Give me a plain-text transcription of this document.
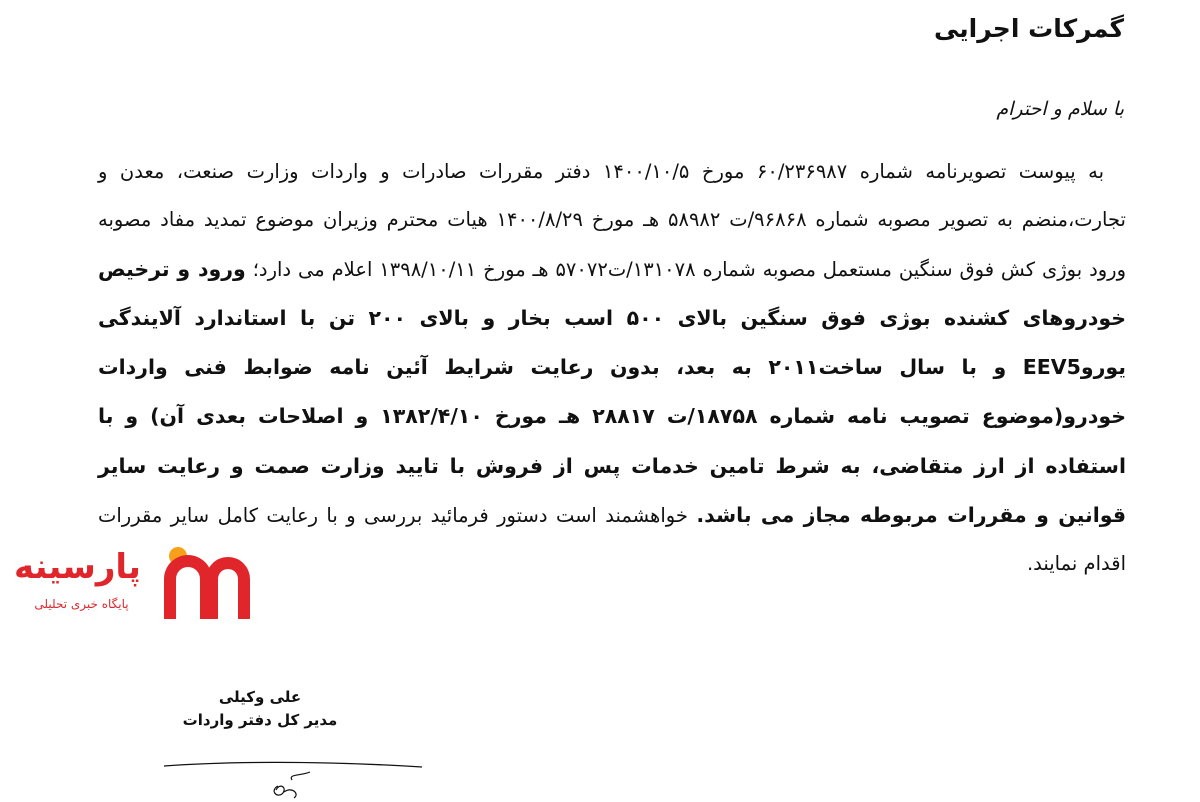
گمرکات اجرایی
با سلام و احترام
به پیوست تصویرنامه شماره ۶۰/۲۳۶۹۸۷ مورخ ۱۴۰۰/۱۰/۵ دفتر مقررات صادرات و واردات وزارت صنعت، معدن و تجارت،منضم به تصویر مصوبه شماره ۹۶۸۶۸/ت ۵۸۹۸۲ هـ مورخ ۱۴۰۰/۸/۲۹ هیات محترم وزیران موضوع تمدید مفاد مصوبه ورود بوژی کش فوق سنگین مستعمل مصوبه شماره ۱۳۱۰۷۸/ت۵۷۰۷۲ هـ مورخ ۱۳۹۸/۱۰/۱۱ اعلام می دارد؛ ورود و ترخیص خودروهای کشنده بوژی فوق سنگین بالای ۵۰۰ اسب بخار و بالای ۲۰۰ تن با استاندارد آلایندگی یوروEEV5 و با سال ساخت۲۰۱۱ به بعد، بدون رعایت شرایط آئین نامه ضوابط فنی واردات خودرو(موضوع تصویب نامه شماره ۱۸۷۵۸/ت ۲۸۸۱۷ هـ مورخ ۱۳۸۲/۴/۱۰ و اصلاحات بعدی آن) و با استفاده از ارز متقاضی، به شرط تامین خدمات پس از فروش با تایید وزارت صمت و رعایت سایر قوانین و مقررات مربوطه مجاز می باشد. خواهشمند است دستور فرمائید بررسی و با رعایت کامل سایر مقررات اقدام نمایند.
پارسینه
پایگاه خبری تحلیلی
علی وکیلی
مدیر کل دفتر واردات
